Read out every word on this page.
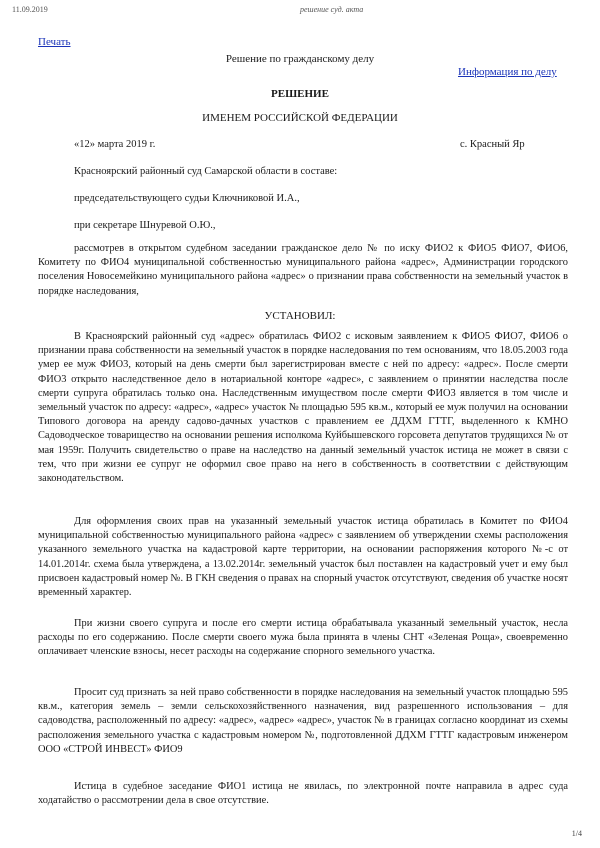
11.09.2019	решение суд. акта
Печать
Решение по гражданскому делу
Информация по делу
РЕШЕНИЕ
ИМЕНЕМ РОССИЙСКОЙ ФЕДЕРАЦИИ
«12» марта 2019 г.	с. Красный Яр
Красноярский районный суд Самарской области в составе:
председательствующего судьи Ключниковой И.А.,
при секретаре Шнуревой О.Ю.,

рассмотрев в открытом судебном заседании гражданское дело № по иску ФИО2 к ФИО5 ФИО7, ФИО6, Комитету по ФИО4 муниципальной собственностью муниципального района «адрес», Администрации городского поселения Новосемейкино муниципального района «адрес» о признании права собственности на земельный участок в порядке наследования,

УСТАНОВИЛ:

В Красноярский районный суд «адрес» обратилась ФИО2 с исковым заявлением к ФИО5 ФИО7, ФИО6 о признании права собственности на земельный участок в порядке наследования по тем основаниям, что 18.05.2003 года умер ее муж ФИО3, который на день смерти был зарегистрирован вместе с ней по адресу: «адрес». После смерти ФИО3 открыто наследственное дело в нотариальной конторе «адрес», с заявлением о принятии наследства после смерти супруга обратилась только она. Наследственным имуществом после смерти ФИО3 является в том числе и земельный участок по адресу: «адрес», «адрес» участок № площадью 595 кв.м., который ее муж получил на основании Типового договора на аренду садово-дачных участков с правлением ее ДДХМ ГТТГ, выделенного к КМНО Садоводческое товарищество на основании решения исполкома Куйбышевского горсовета депутатов трудящихся № от мая 1959г. Получить свидетельство о праве на наследство на данный земельный участок истица не может в связи с тем, что при жизни ее супруг не оформил свое право на него в собственность в соответствии с действующим законодательством.

Для оформления своих прав на указанный земельный участок истица обратилась в Комитет по ФИО4 муниципальной собственностью муниципального района «адрес» с заявлением об утверждении схемы расположения указанного земельного участка на кадастровой карте территории, на основании распоряжения которого №-с от 14.01.2014г. схема была утверждена, а 13.02.2014г. земельный участок был поставлен на кадастровый учет и ему был присвоен кадастровый номер №. В ГКН сведения о правах на спорный участок отсутствуют, сведения об участке носят временный характер.

При жизни своего супруга и после его смерти истица обрабатывала указанный земельный участок, несла расходы по его содержанию. После смерти своего мужа была принята в члены СНТ «Зеленая Роща», своевременно оплачивает членские взносы, несет расходы на содержание спорного земельного участка.

Просит суд признать за ней право собственности в порядке наследования на земельный участок площадью 595 кв.м., категория земель – земли сельскохозяйственного назначения, вид разрешенного использования – для садоводства, расположенный по адресу: «адрес», «адрес» «адрес», участок № в границах согласно координат из схемы расположения земельного участка с кадастровым номером №, подготовленной ДДХМ ГТТГ кадастровым инженером ООО «СТРОЙ ИНВЕСТ» ФИО9

Истица в судебное заседание ФИО1 истица не явилась, по электронной почте направила в адрес суда ходатайство о рассмотрении дела в свое отсутствие.

1/4
